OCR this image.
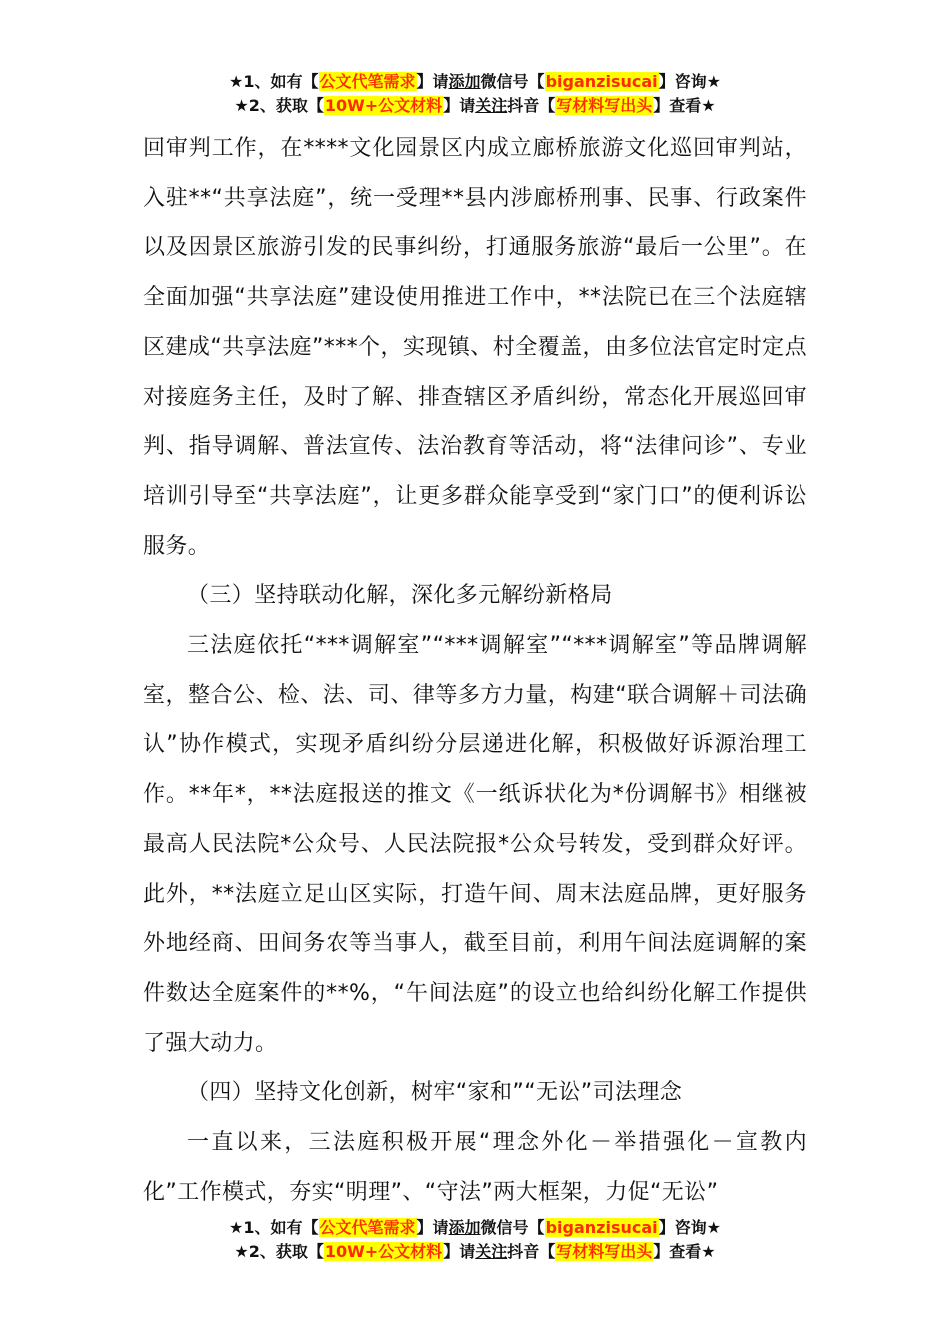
★1、如有【公文代笔需求】请添加微信号【biganzisucai】咨询★
★2、获取【10W+公文材料】请关注抖音【写材料写出头】查看★

回审判工作，在****文化园景区内成立廊桥旅游文化巡回审判站，入驻**“共享法庭”，统一受理**县内涉廊桥刑事、民事、行政案件以及因景区旅游引发的民事纠纷，打通服务旅游“最后一公里”。在全面加强“共享法庭”建设使用推进工作中，**法院已在三个法庭辖区建成“共享法庭”***个，实现镇、村全覆盖，由多位法官定时定点对接庭务主任，及时了解、排查辖区矛盾纠纷，常态化开展巡回审判、指导调解、普法宣传、法治教育等活动，将“法律问诊”、专业培训引导至“共享法庭”，让更多群众能享受到“家门口”的便利诉讼服务。

（三）坚持联动化解，深化多元解纷新格局

三法庭依托“***调解室”“***调解室”“***调解室”等品牌调解室，整合公、检、法、司、律等多方力量，构建“联合调解＋司法确认”协作模式，实现矛盾纠纷分层递进化解，积极做好诉源治理工作。**年*，**法庭报送的推文《一纸诉状化为*份调解书》相继被最高人民法院*公众号、人民法院报*公众号转发，受到群众好评。此外，**法庭立足山区实际，打造午间、周末法庭品牌，更好服务外地经商、田间务农等当事人，截至目前，利用午间法庭调解的案件数达全庭案件的**%，“午间法庭”的设立也给纠纷化解工作提供了强大动力。

（四）坚持文化创新，树牢“家和”“无讼”司法理念

一直以来，三法庭积极开展“理念外化－举措强化－宣教内化”工作模式，夯实“明理”、“守法”两大框架，力促“无讼”

★1、如有【公文代笔需求】请添加微信号【biganzisucai】咨询★
★2、获取【10W+公文材料】请关注抖音【写材料写出头】查看★
